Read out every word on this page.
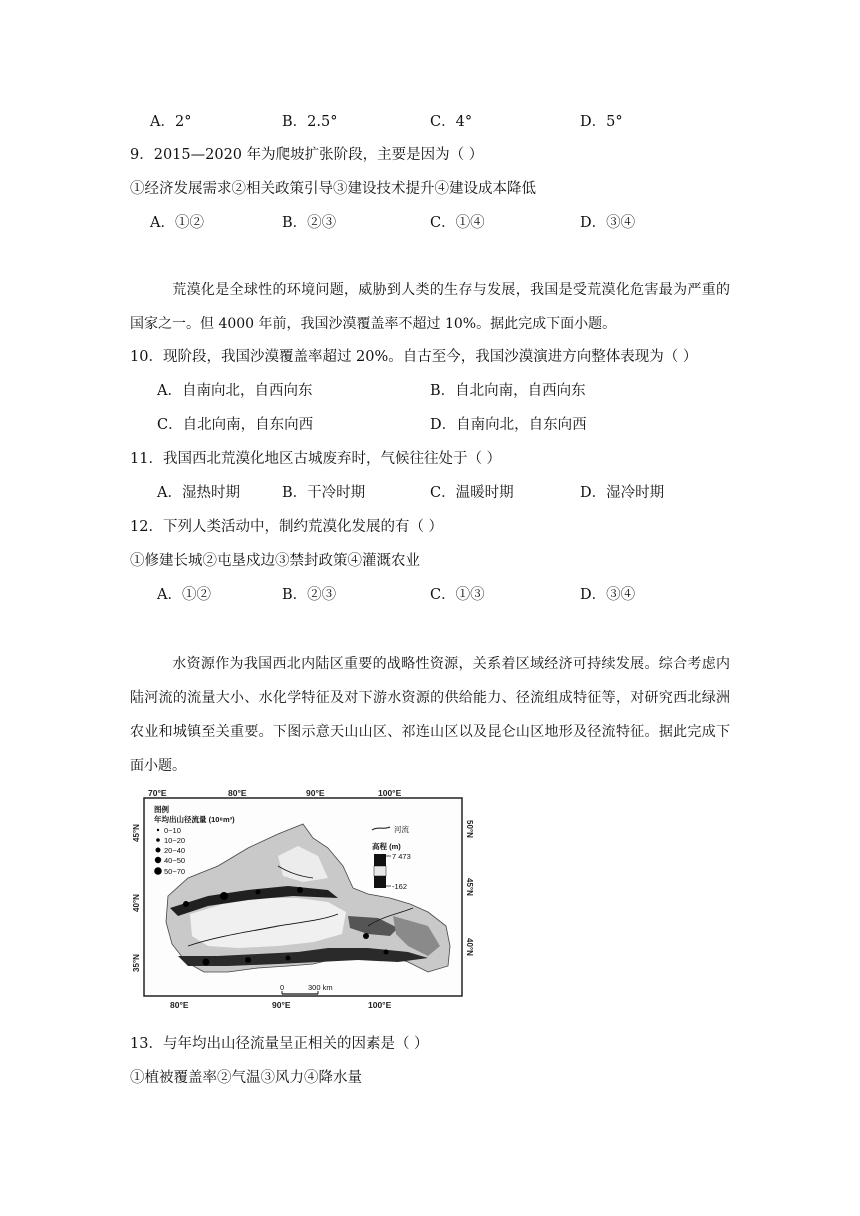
A．2°	B．2.5°	C．4°	D．5°
9．2015—2020 年为爬坡扩张阶段，主要是因为（ ）
①经济发展需求②相关政策引导③建设技术提升④建设成本降低
A．①②	B．②③	C．①④	D．③④
荒漠化是全球性的环境问题，威胁到人类的生存与发展，我国是受荒漠化危害最为严重的国家之一。但 4000 年前，我国沙漠覆盖率不超过 10%。据此完成下面小题。
10．现阶段，我国沙漠覆盖率超过 20%。自古至今，我国沙漠演进方向整体表现为（ ）
A．自南向北，自西向东	B．自北向南，自西向东
C．自北向南，自东向西	D．自南向北，自东向西
11．我国西北荒漠化地区古城废弃时，气候往往处于（ ）
A．湿热时期	B．干冷时期	C．温暖时期	D．湿冷时期
12．下列人类活动中，制约荒漠化发展的有（ ）
①修建长城②屯垦戍边③禁封政策④灌溉农业
A．①②	B．②③	C．①③	D．③④
水资源作为我国西北内陆区重要的战略性资源，关系着区域经济可持续发展。综合考虑内陆河流的流量大小、水化学特征及对下游水资源的供给能力、径流组成特征等，对研究西北绿洲农业和城镇至关重要。下图示意天山山区、祁连山区以及昆仑山区地形及径流特征。据此完成下面小题。
70°E	80°E	90°E	100°E
80°E	90°E	100°E
45°N
40°N
35°N
50°N
45°N
40°N
图例
年均出山径流量 (10⁸m³)
0~10
10~20
20~40
40~50
50~70
河流
高程 (m)
7 473
-162
0	300 km
13．与年均出山径流量呈正相关的因素是（ ）
①植被覆盖率②气温③风力④降水量
